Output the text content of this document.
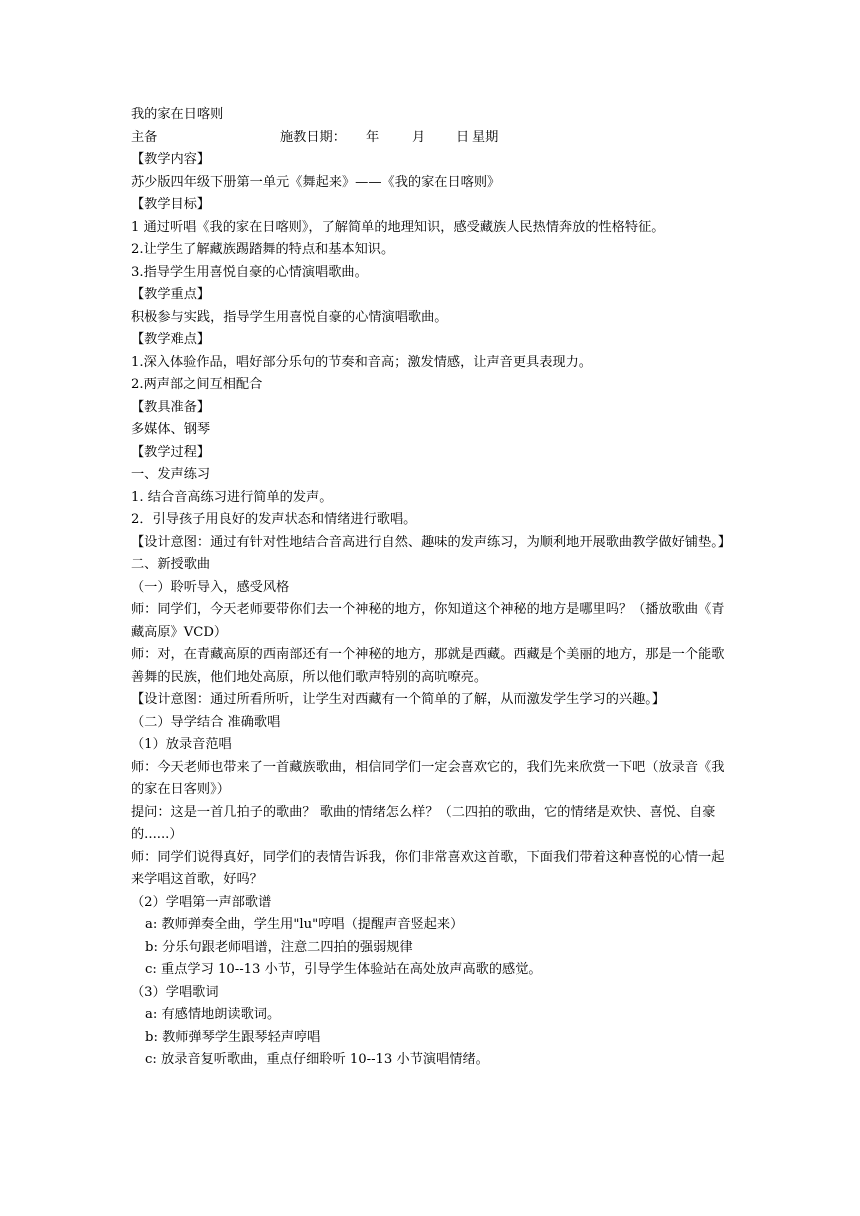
我的家在日喀则
主备	施教日期：	年	月	日 星期
【教学内容】
苏少版四年级下册第一单元《舞起来》——《我的家在日喀则》
【教学目标】
1 通过听唱《我的家在日喀则》，了解简单的地理知识，感受藏族人民热情奔放的性格特征。
2.让学生了解藏族踢踏舞的特点和基本知识。
3.指导学生用喜悦自豪的心情演唱歌曲。
【教学重点】
积极参与实践，指导学生用喜悦自豪的心情演唱歌曲。
【教学难点】
1.深入体验作品，唱好部分乐句的节奏和音高；激发情感，让声音更具表现力。
2.两声部之间互相配合
【教具准备】
多媒体、钢琴
【教学过程】
一、发声练习
1. 结合音高练习进行简单的发声。
2．引导孩子用良好的发声状态和情绪进行歌唱。
【设计意图：通过有针对性地结合音高进行自然、趣味的发声练习，为顺利地开展歌曲教学做好铺垫。】
二、新授歌曲
（一）聆听导入，感受风格
师：同学们，今天老师要带你们去一个神秘的地方，你知道这个神秘的地方是哪里吗？（播放歌曲《青藏高原》VCD）
师：对，在青藏高原的西南部还有一个神秘的地方，那就是西藏。西藏是个美丽的地方，那是一个能歌善舞的民族，他们地处高原，所以他们歌声特别的高吭嘹亮。
【设计意图：通过所看所听，让学生对西藏有一个简单的了解，从而激发学生学习的兴趣。】
（二）导学结合 准确歌唱
（1）放录音范唱
师：今天老师也带来了一首藏族歌曲，相信同学们一定会喜欢它的，我们先来欣赏一下吧（放录音《我的家在日客则》）
提问：这是一首几拍子的歌曲？ 歌曲的情绪怎么样？（二四拍的歌曲，它的情绪是欢快、喜悦、自豪的......）
师：同学们说得真好，同学们的表情告诉我，你们非常喜欢这首歌，下面我们带着这种喜悦的心情一起来学唱这首歌，好吗？
（2）学唱第一声部歌谱
a: 教师弹奏全曲，学生用"lu"哼唱（提醒声音竖起来）
b: 分乐句跟老师唱谱，注意二四拍的强弱规律
c: 重点学习 10--13 小节，引导学生体验站在高处放声高歌的感觉。
（3）学唱歌词
a: 有感情地朗读歌词。
b: 教师弹琴学生跟琴轻声哼唱
c: 放录音复听歌曲，重点仔细聆听 10--13 小节演唱情绪。
